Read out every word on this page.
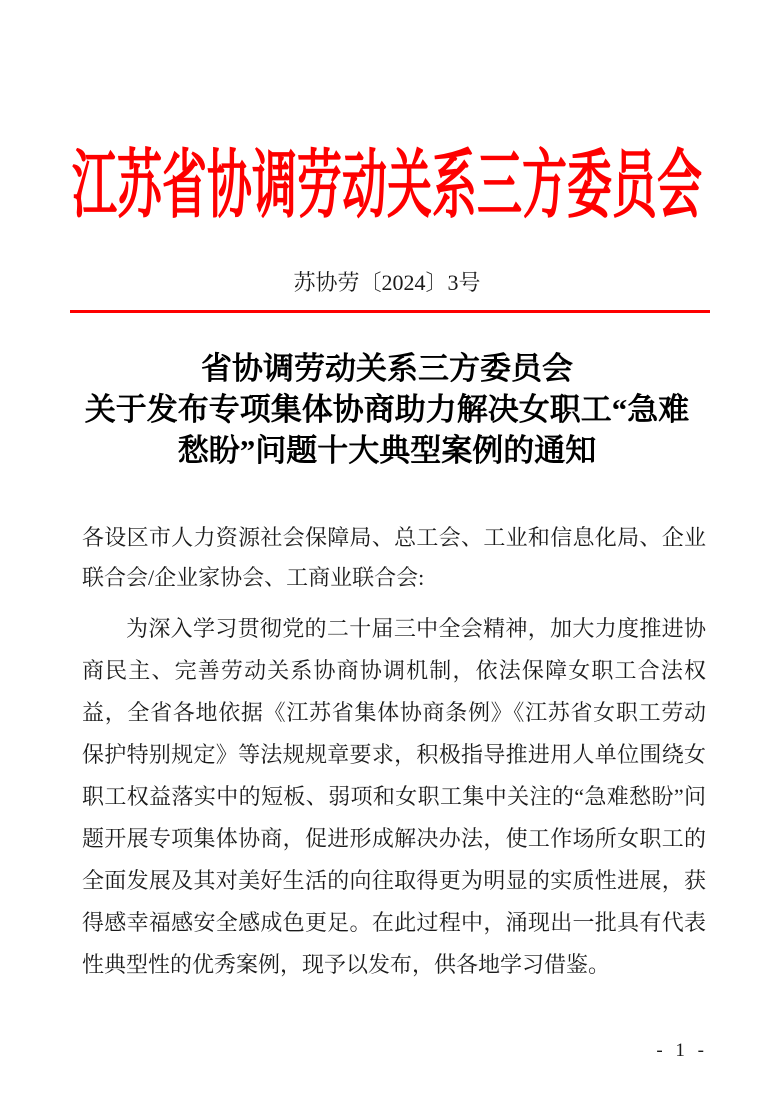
江苏省协调劳动关系三方委员会
苏协劳〔2024〕3号
省协调劳动关系三方委员会
关于发布专项集体协商助力解决女职工“急难
愁盼”问题十大典型案例的通知
各设区市人力资源社会保障局、总工会、工业和信息化局、企业联合会/企业家协会、工商业联合会:
为深入学习贯彻党的二十届三中全会精神，加大力度推进协商民主、完善劳动关系协商协调机制，依法保障女职工合法权益，全省各地依据《江苏省集体协商条例》《江苏省女职工劳动保护特别规定》等法规规章要求，积极指导推进用人单位围绕女职工权益落实中的短板、弱项和女职工集中关注的“急难愁盼”问题开展专项集体协商，促进形成解决办法，使工作场所女职工的全面发展及其对美好生活的向往取得更为明显的实质性进展，获得感幸福感安全感成色更足。在此过程中，涌现出一批具有代表性典型性的优秀案例，现予以发布，供各地学习借鉴。
- 1 -
